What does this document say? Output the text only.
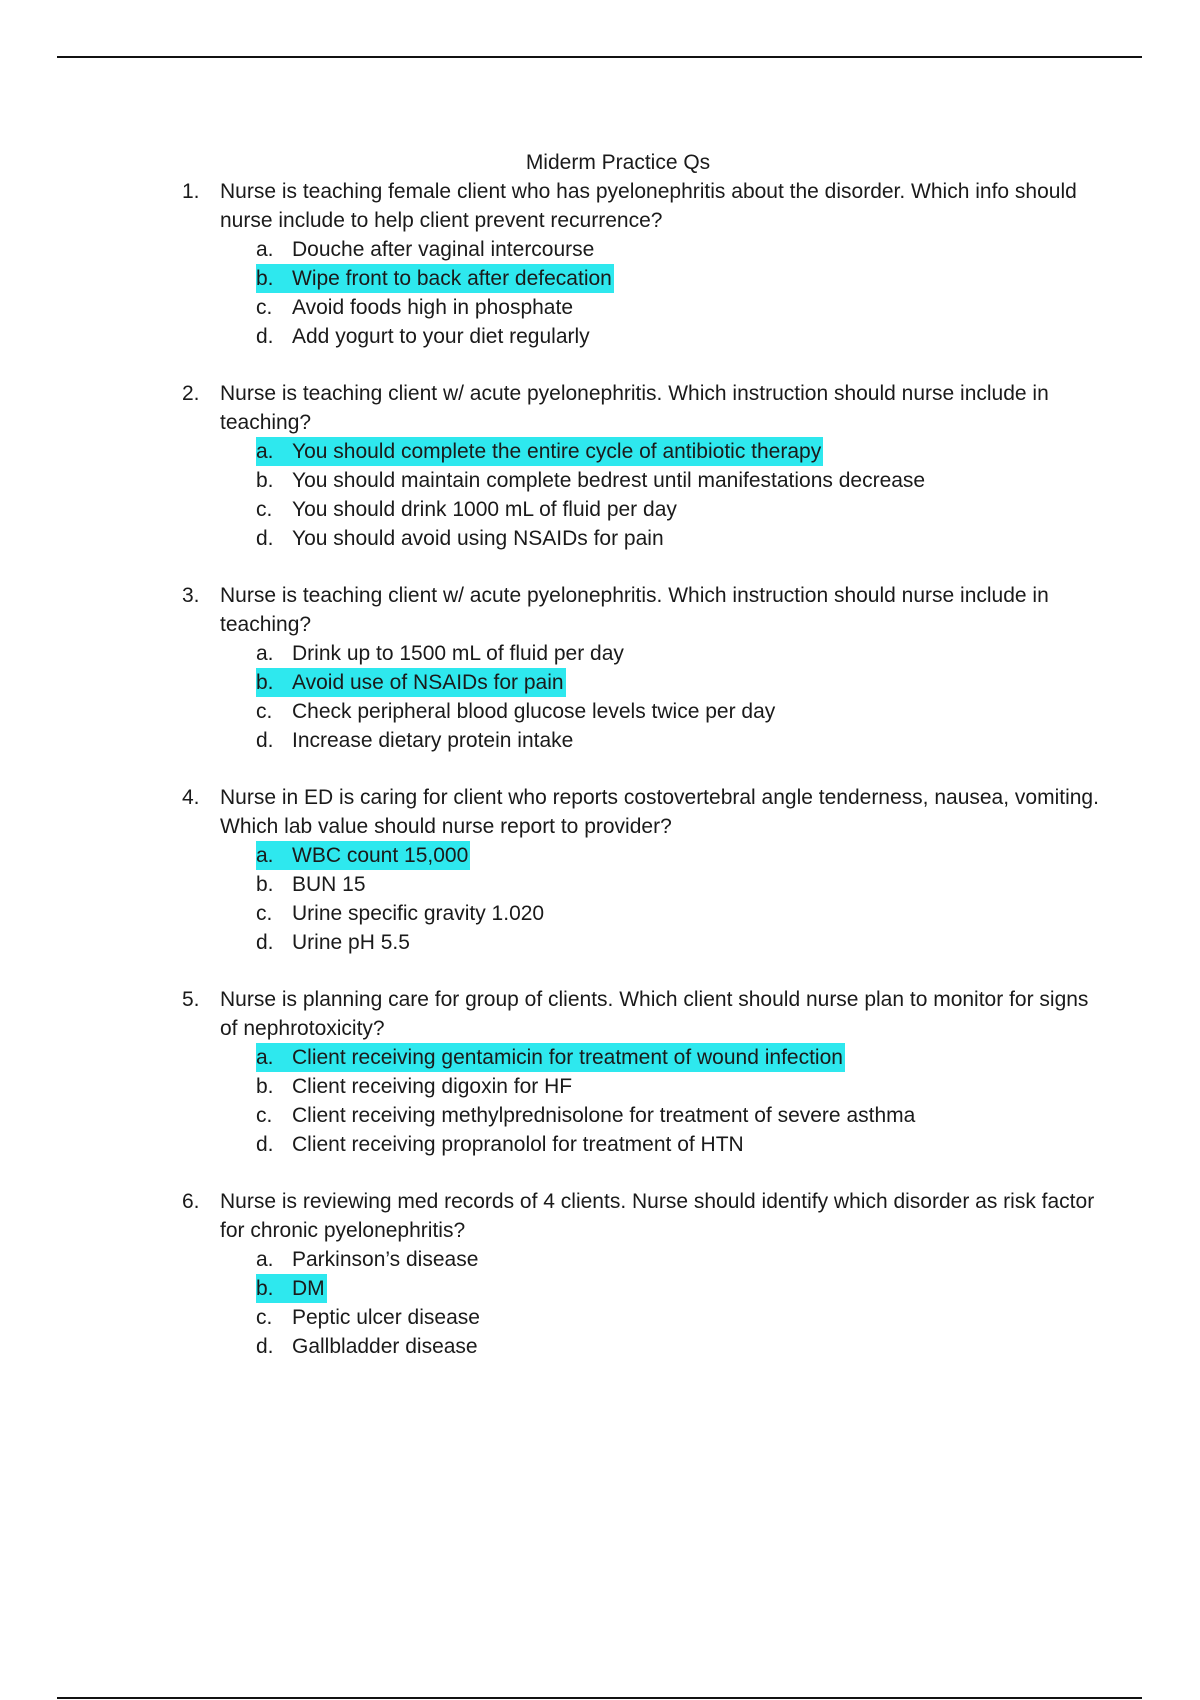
Miderm Practice Qs
1. Nurse is teaching female client who has pyelonephritis about the disorder. Which info should nurse include to help client prevent recurrence?
a. Douche after vaginal intercourse
b. Wipe front to back after defecation
c. Avoid foods high in phosphate
d. Add yogurt to your diet regularly
2. Nurse is teaching client w/ acute pyelonephritis. Which instruction should nurse include in teaching?
a. You should complete the entire cycle of antibiotic therapy
b. You should maintain complete bedrest until manifestations decrease
c. You should drink 1000 mL of fluid per day
d. You should avoid using NSAIDs for pain
3. Nurse is teaching client w/ acute pyelonephritis. Which instruction should nurse include in teaching?
a. Drink up to 1500 mL of fluid per day
b. Avoid use of NSAIDs for pain
c. Check peripheral blood glucose levels twice per day
d. Increase dietary protein intake
4. Nurse in ED is caring for client who reports costovertebral angle tenderness, nausea, vomiting. Which lab value should nurse report to provider?
a. WBC count 15,000
b. BUN 15
c. Urine specific gravity 1.020
d. Urine pH 5.5
5. Nurse is planning care for group of clients. Which client should nurse plan to monitor for signs of nephrotoxicity?
a. Client receiving gentamicin for treatment of wound infection
b. Client receiving digoxin for HF
c. Client receiving methylprednisolone for treatment of severe asthma
d. Client receiving propranolol for treatment of HTN
6. Nurse is reviewing med records of 4 clients. Nurse should identify which disorder as risk factor for chronic pyelonephritis?
a. Parkinson’s disease
b. DM
c. Peptic ulcer disease
d. Gallbladder disease
